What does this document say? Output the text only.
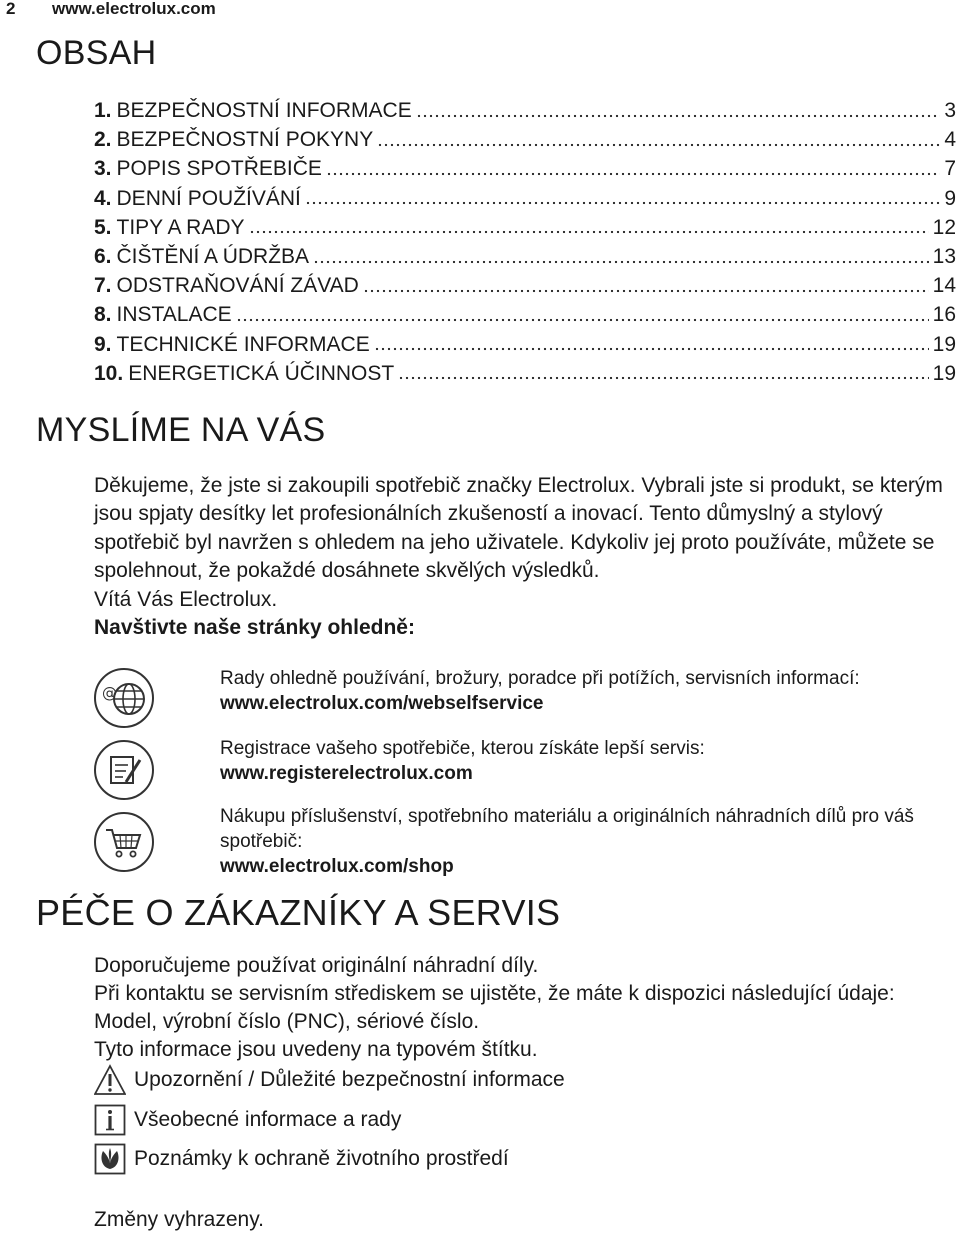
2 www.electrolux.com
OBSAH
1. BEZPEČNOSTNÍ INFORMACE	3
2. BEZPEČNOSTNÍ POKYNY	4
3. POPIS SPOTŘEBIČE	7
4. DENNÍ POUŽÍVÁNÍ	9
5. TIPY A RADY	12
6. ČIŠTĚNÍ A ÚDRŽBA	13
7. ODSTRAŇOVÁNÍ ZÁVAD	14
8. INSTALACE	16
9. TECHNICKÉ INFORMACE	19
10. ENERGETICKÁ ÚČINNOST	19
MYSLÍME NA VÁS

Děkujeme, že jste si zakoupili spotřebič značky Electrolux. Vybrali jste si produkt, se kterým jsou spjaty desítky let profesionálních zkušeností a inovací. Tento důmyslný a stylový spotřebič byl navržen s ohledem na jeho uživatele. Kdykoliv jej proto používáte, můžete se spolehnout, že pokaždé dosáhnete skvělých výsledků.

Vítá Vás Electrolux.

Navštivte naše stránky ohledně:

@
Rady ohledně používání, brožury, poradce při potížích, servisních informací:
www.electrolux.com/webselfservice
Registrace vašeho spotřebiče, kterou získáte lepší servis:
www.registerelectrolux.com
Nákupu příslušenství, spotřebního materiálu a originálních náhradních dílů pro váš spotřebič:
www.electrolux.com/shop
PÉČE O ZÁKAZNÍKY A SERVIS

Doporučujeme používat originální náhradní díly.

Při kontaktu se servisním střediskem se ujistěte, že máte k dispozici následující údaje: Model, výrobní číslo (PNC), sériové číslo.

Tyto informace jsou uvedeny na typovém štítku.

Upozornění / Důležité bezpečnostní informace
Všeobecné informace a rady
Poznámky k ochraně životního prostředí
Změny vyhrazeny.
